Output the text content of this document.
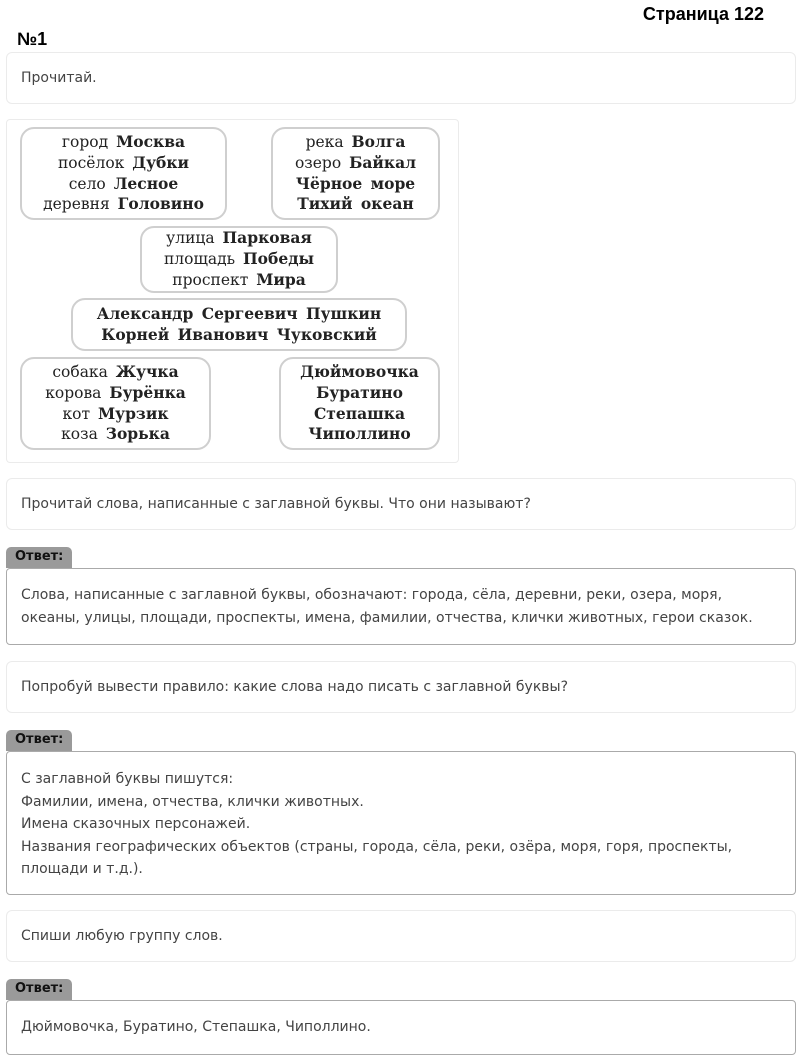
Страница 122
№1
Прочитай.
город Москва
посёлок Дубки
село Лесное
деревня Головино
река Волга
озеро Байкал
Чёрное море
Тихий океан
улица Парковая
площадь Победы
проспект Мира
Александр Сергеевич Пушкин
Корней Иванович Чуковский
собака Жучка
корова Бурёнка
кот Мурзик
коза Зорька
Дюймовочка
Буратино
Степашка
Чиполлино
Прочитай слова, написанные с заглавной буквы. Что они называют?
Ответ:

Слова, написанные с заглавной буквы, обозначают: города, сёла, деревни, реки, озера, моря, океаны, улицы, площади, проспекты, имена, фамилии, отчества, клички животных, герои сказок.

Попробуй вывести правило: какие слова надо писать с заглавной буквы?
Ответ:

С заглавной буквы пишутся:

Фамилии, имена, отчества, клички животных.

Имена сказочных персонажей.

Названия географических объектов (страны, города, сёла, реки, озёра, моря, горя, проспекты, площади и т.д.).

Спиши любую группу слов.
Ответ:

Дюймовочка, Буратино, Степашка, Чиполлино.
